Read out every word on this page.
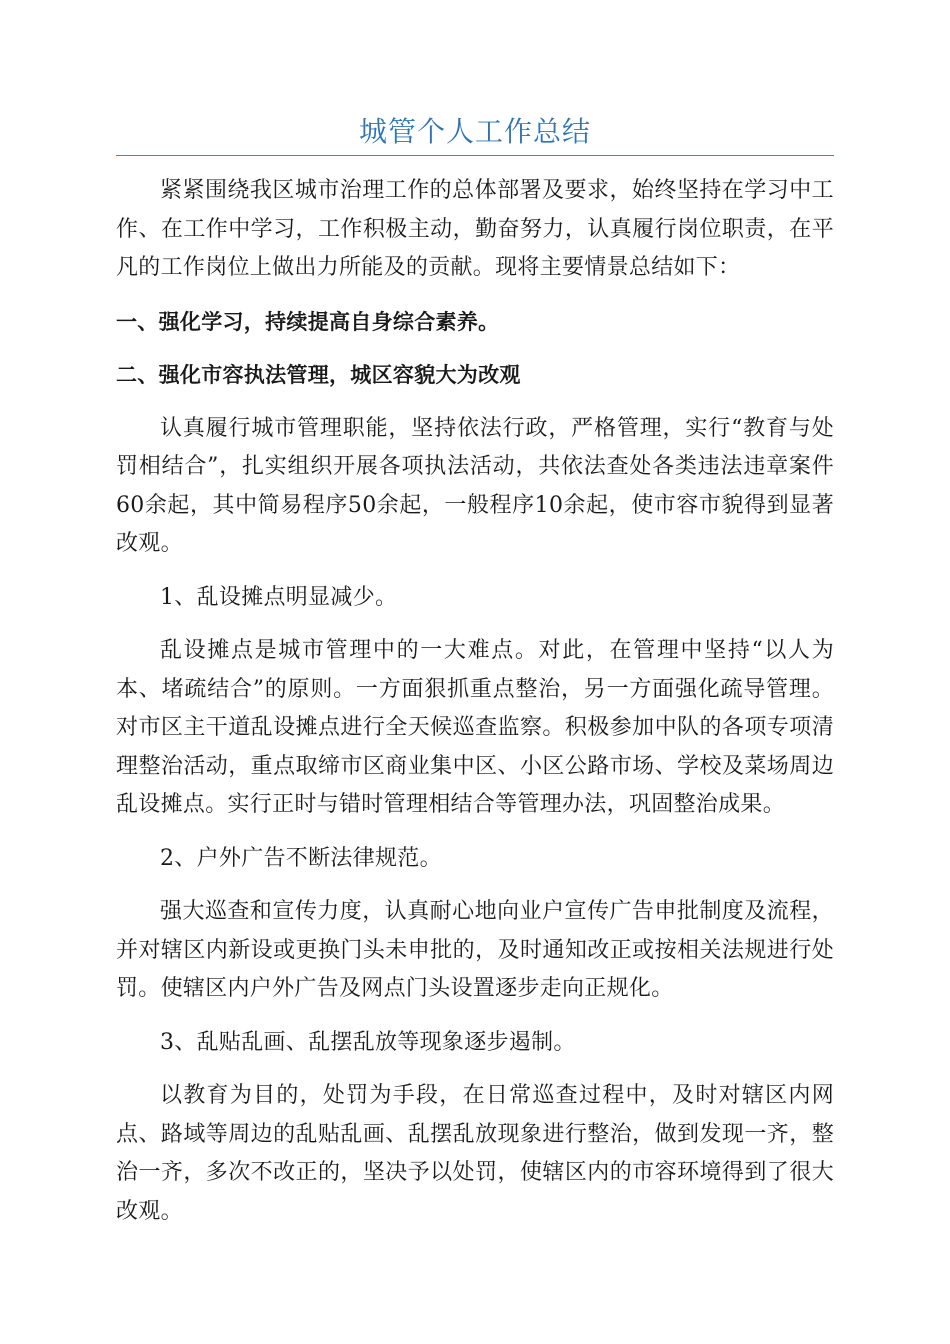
城管个人工作总结

紧紧围绕我区城市治理工作的总体部署及要求，始终坚持在学习中工作、在工作中学习，工作积极主动，勤奋努力，认真履行岗位职责，在平凡的工作岗位上做出力所能及的贡献。现将主要情景总结如下：

一、强化学习，持续提高自身综合素养。

二、强化市容执法管理，城区容貌大为改观

认真履行城市管理职能，坚持依法行政，严格管理，实行“教育与处罚相结合”，扎实组织开展各项执法活动，共依法查处各类违法违章案件60余起，其中简易程序50余起，一般程序10余起，使市容市貌得到显著改观。

1、乱设摊点明显减少。

乱设摊点是城市管理中的一大难点。对此，在管理中坚持“以人为本、堵疏结合”的原则。一方面狠抓重点整治，另一方面强化疏导管理。对市区主干道乱设摊点进行全天候巡查监察。积极参加中队的各项专项清理整治活动，重点取缔市区商业集中区、小区公路市场、学校及菜场周边乱设摊点。实行正时与错时管理相结合等管理办法，巩固整治成果。

2、户外广告不断法律规范。

强大巡查和宣传力度，认真耐心地向业户宣传广告申批制度及流程，并对辖区内新设或更换门头未申批的，及时通知改正或按相关法规进行处罚。使辖区内户外广告及网点门头设置逐步走向正规化。

3、乱贴乱画、乱摆乱放等现象逐步遏制。

以教育为目的，处罚为手段，在日常巡查过程中，及时对辖区内网点、路域等周边的乱贴乱画、乱摆乱放现象进行整治，做到发现一齐，整治一齐，多次不改正的，坚决予以处罚，使辖区内的市容环境得到了很大改观。
